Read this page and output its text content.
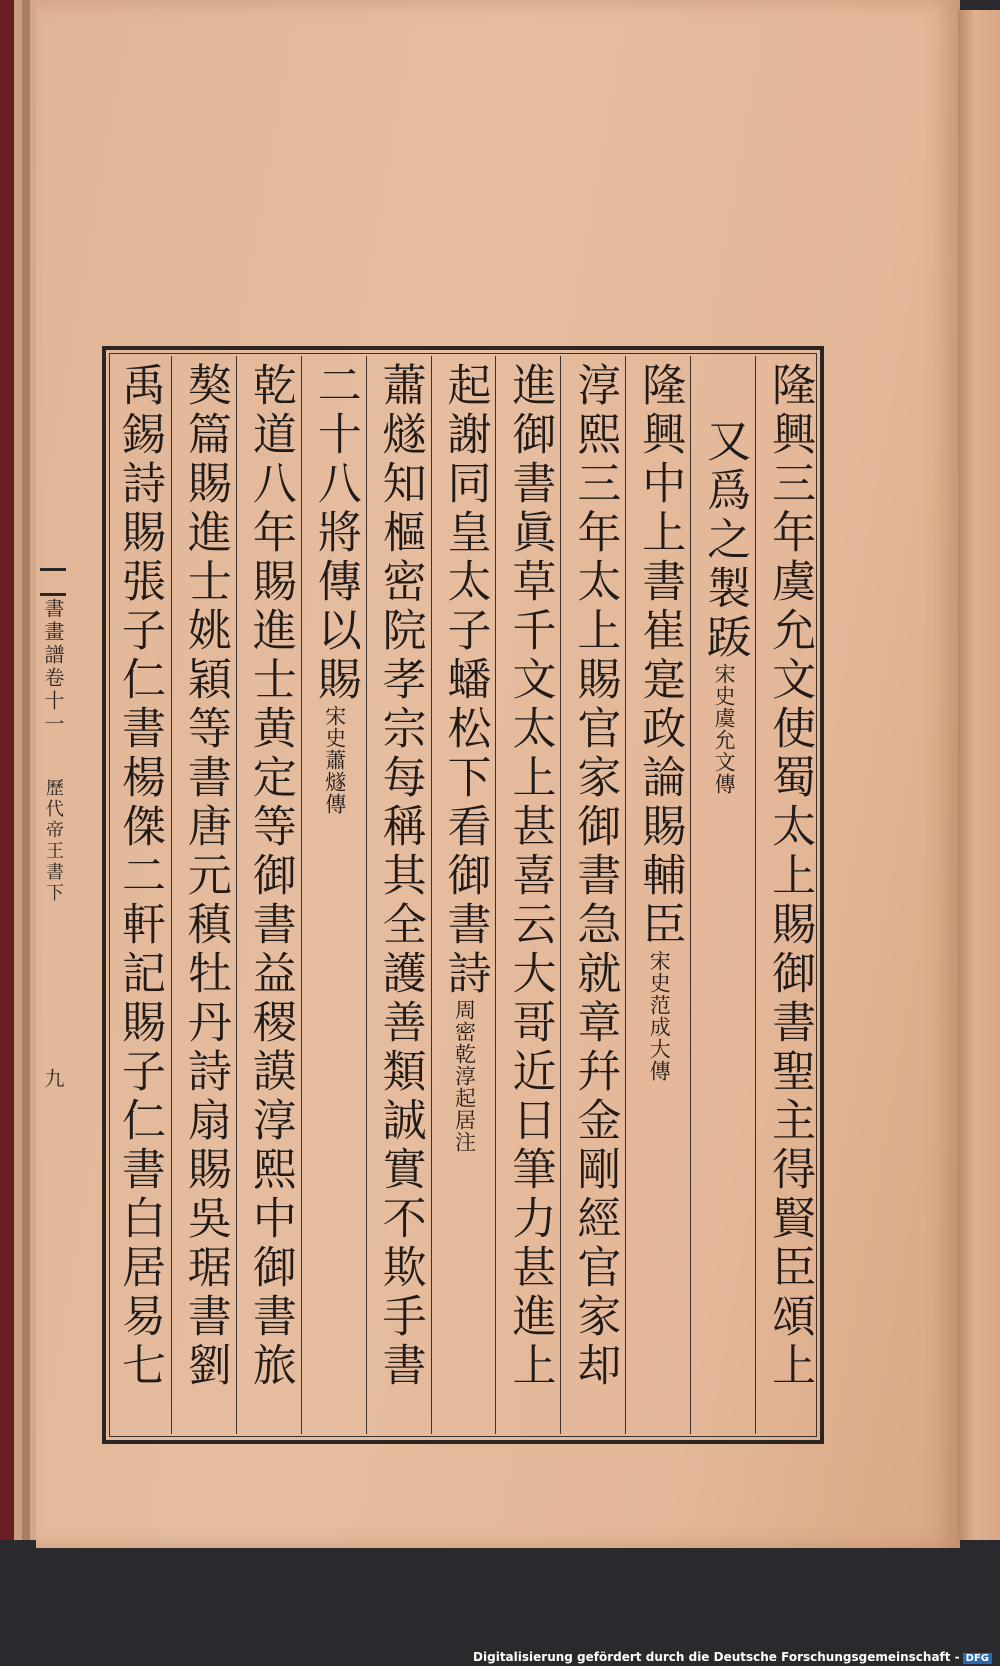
隆興三年虞允文使蜀太上賜御書聖主得賢臣頌上
又爲之製䟦宋史虞允文傳
隆興中上書崔寔政論賜輔臣宋史范成大傳
淳熙三年太上賜官家御書急就章幷金剛經官家却
進御書眞草千文太上甚喜云大哥近日筆力甚進上
起謝同皇太子蟠松下看御書詩周密乾淳起居注
蕭燧知樞密院孝宗每稱其全護善類誠實不欺手書
二十八將傳以賜宋史蕭燧傳
乾道八年賜進士黄定等御書益稷謨淳熙中御書旅
獒篇賜進士姚穎等書唐元稹牡丹詩扇賜吳琚書劉
禹錫詩賜張子仁書楊傑二軒記賜子仁書白居易七
書畫譜卷十一
歷代帝王書下
九
Digitalisierung gefördert durch die Deutsche Forschungsgemeinschaft - DFG
